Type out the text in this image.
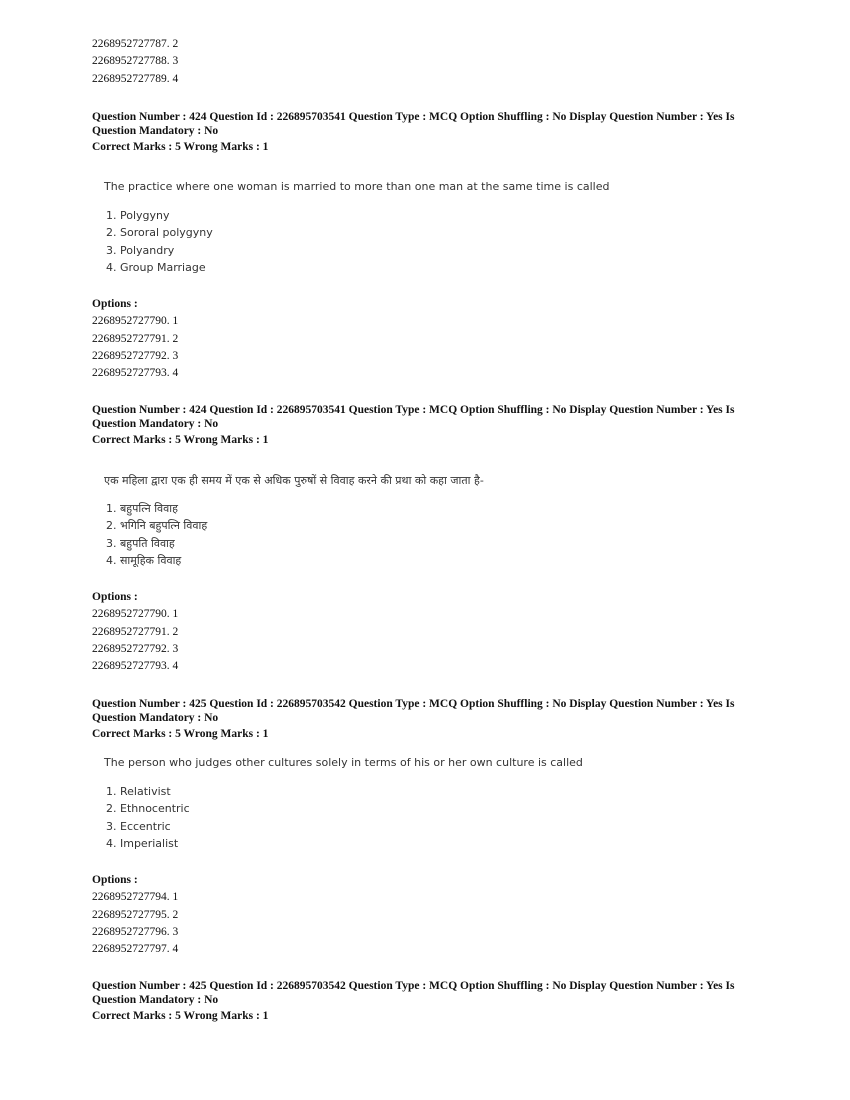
2268952727787. 2
2268952727788. 3
2268952727789. 4
Question Number : 424 Question Id : 226895703541 Question Type : MCQ Option Shuffling : No Display Question Number : Yes Is
Question Mandatory : No
Correct Marks : 5 Wrong Marks : 1
The practice where one woman is married to more than one man at the same time is called
1. Polygyny
2. Sororal polygyny
3. Polyandry
4. Group Marriage
Options :
2268952727790. 1
2268952727791. 2
2268952727792. 3
2268952727793. 4
Question Number : 424 Question Id : 226895703541 Question Type : MCQ Option Shuffling : No Display Question Number : Yes Is
Question Mandatory : No
Correct Marks : 5 Wrong Marks : 1
एक महिला द्वारा एक ही समय में एक से अधिक पुरुषों से विवाह करने की प्रथा को कहा जाता है-
1. बहुपत्नि विवाह
2. भगिनि बहुपत्नि विवाह
3. बहुपति विवाह
4. सामूहिक विवाह
Options :
2268952727790. 1
2268952727791. 2
2268952727792. 3
2268952727793. 4
Question Number : 425 Question Id : 226895703542 Question Type : MCQ Option Shuffling : No Display Question Number : Yes Is
Question Mandatory : No
Correct Marks : 5 Wrong Marks : 1
The person who judges other cultures solely in terms of his or her own culture is called
1. Relativist
2. Ethnocentric
3. Eccentric
4. Imperialist
Options :
2268952727794. 1
2268952727795. 2
2268952727796. 3
2268952727797. 4
Question Number : 425 Question Id : 226895703542 Question Type : MCQ Option Shuffling : No Display Question Number : Yes Is
Question Mandatory : No
Correct Marks : 5 Wrong Marks : 1
